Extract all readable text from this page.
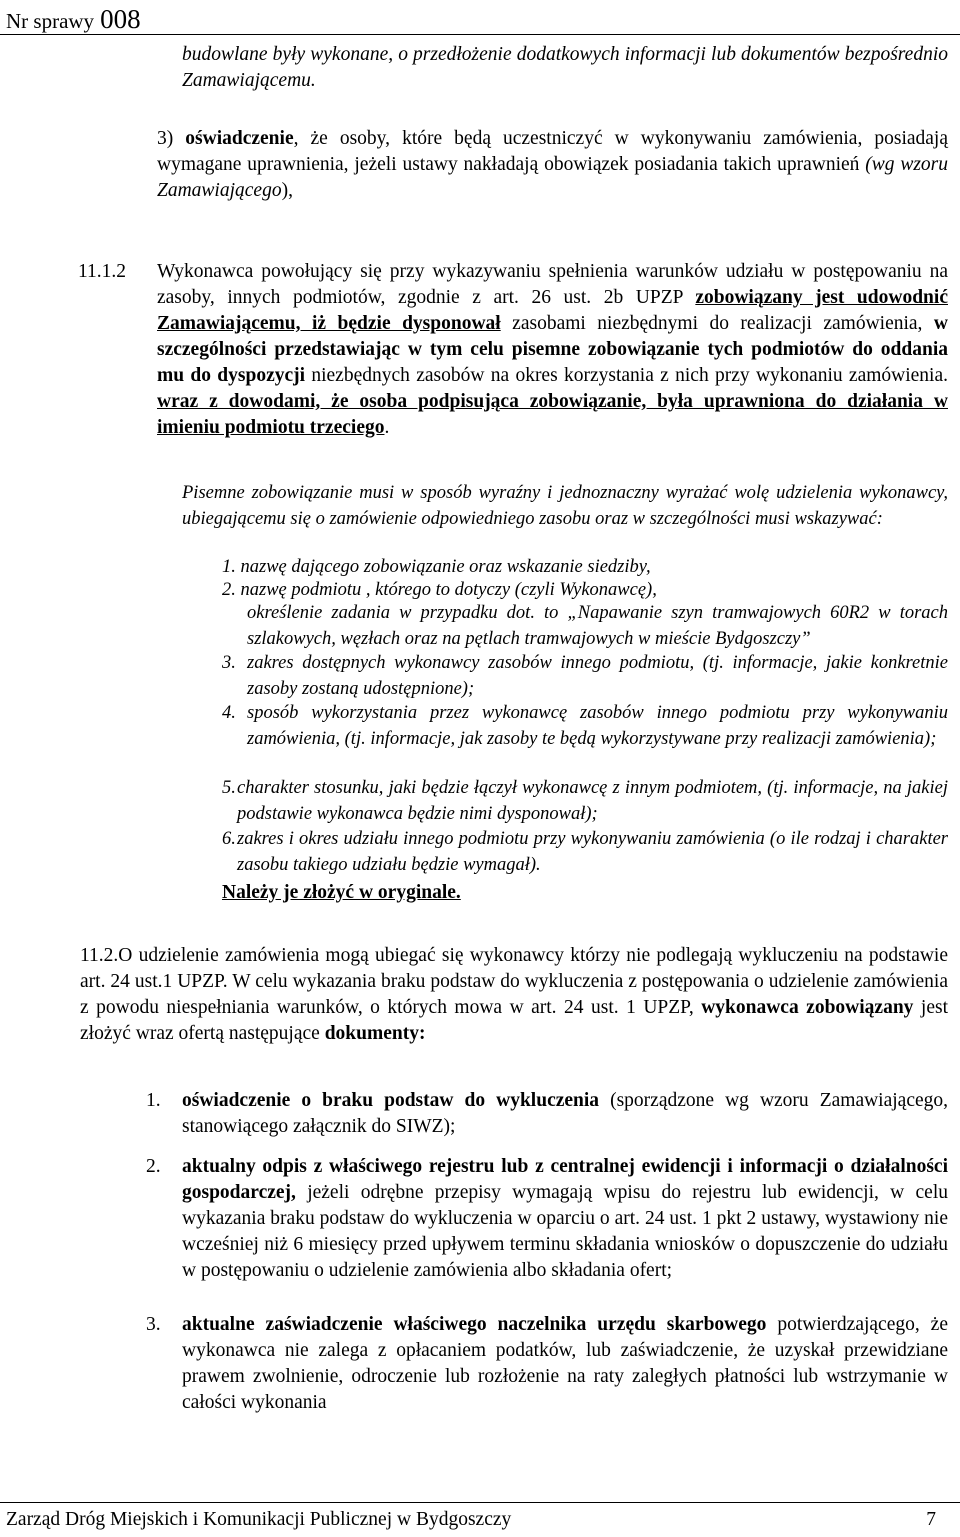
Nr sprawy 008

budowlane były wykonane, o przedłożenie dodatkowych informacji lub dokumentów bezpośrednio Zamawiającemu.

3) oświadczenie, że osoby, które będą uczestniczyć w wykonywaniu zamówienia, posiadają wymagane uprawnienia, jeżeli ustawy nakładają obowiązek posiadania takich uprawnień (wg wzoru Zamawiającego),

11.1.2 Wykonawca powołujący się przy wykazywaniu spełnienia warunków udziału w postępowaniu na zasoby, innych podmiotów, zgodnie z art. 26 ust. 2b UPZP zobowiązany jest udowodnić Zamawiającemu, iż będzie dysponował zasobami niezbędnymi do realizacji zamówienia, w szczególności przedstawiając w tym celu pisemne zobowiązanie tych podmiotów do oddania mu do dyspozycji niezbędnych zasobów na okres korzystania z nich przy wykonaniu zamówienia. wraz z dowodami, że osoba podpisująca zobowiązanie, była uprawniona do działania w imieniu podmiotu trzeciego.

Pisemne zobowiązanie musi w sposób wyraźny i jednoznaczny wyrażać wolę udzielenia wykonawcy, ubiegającemu się o zamówienie odpowiedniego zasobu oraz w szczególności musi wskazywać:

1. nazwę dającego zobowiązanie oraz wskazanie siedziby,

2. nazwę podmiotu , którego to dotyczy (czyli Wykonawcę),

określenie zadania w przypadku dot. to „Napawanie szyn tramwajowych 60R2 w torach szlakowych, węzłach oraz na pętlach tramwajowych w mieście Bydgoszczy”

3. zakres dostępnych wykonawcy zasobów innego podmiotu, (tj. informacje, jakie konkretnie zasoby zostaną udostępnione);

4. sposób wykorzystania przez wykonawcę zasobów innego podmiotu przy wykonywaniu zamówienia, (tj. informacje, jak zasoby te będą wykorzystywane przy realizacji zamówienia);

5. charakter stosunku, jaki będzie łączył wykonawcę z innym podmiotem, (tj. informacje, na jakiej podstawie wykonawca będzie nimi dysponował);

6. zakres i okres udziału innego podmiotu przy wykonywaniu zamówienia (o ile rodzaj i charakter zasobu takiego udziału będzie wymagał).

Należy je złożyć w oryginale.

11.2.O udzielenie zamówienia mogą ubiegać się wykonawcy którzy nie podlegają wykluczeniu na podstawie art. 24 ust.1 UPZP. W celu wykazania braku podstaw do wykluczenia z postępowania o udzielenie zamówienia z powodu niespełniania warunków, o których mowa w art. 24 ust. 1 UPZP, wykonawca zobowiązany jest złożyć wraz ofertą następujące dokumenty:

1. oświadczenie o braku podstaw do wykluczenia (sporządzone wg wzoru Zamawiającego, stanowiącego załącznik do SIWZ);

2. aktualny odpis z właściwego rejestru lub z centralnej ewidencji i informacji o działalności gospodarczej, jeżeli odrębne przepisy wymagają wpisu do rejestru lub ewidencji, w celu wykazania braku podstaw do wykluczenia w oparciu o art. 24 ust. 1 pkt 2 ustawy, wystawiony nie wcześniej niż 6 miesięcy przed upływem terminu składania wniosków o dopuszczenie do udziału w postępowaniu o udzielenie zamówienia albo składania ofert;

3. aktualne zaświadczenie właściwego naczelnika urzędu skarbowego potwierdzającego, że wykonawca nie zalega z opłacaniem podatków, lub zaświadczenie, że uzyskał przewidziane prawem zwolnienie, odroczenie lub rozłożenie na raty zaległych płatności lub wstrzymanie w całości wykonania

Zarząd Dróg Miejskich i Komunikacji Publicznej w Bydgoszczy	7
